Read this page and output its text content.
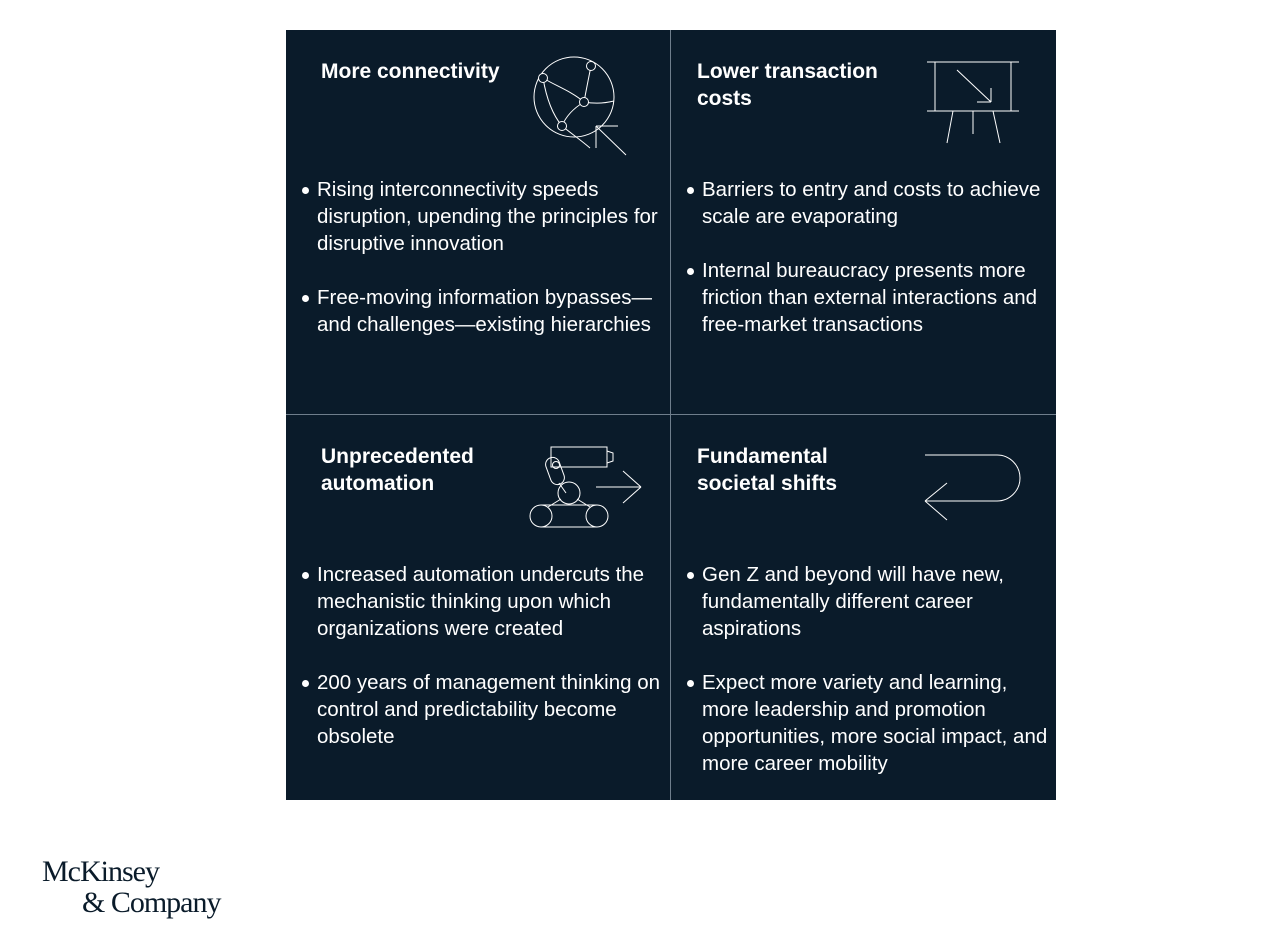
More connectivity
Rising interconnectivity speeds disruption, upending the principles for disruptive innovation
Free-moving information bypasses—and challenges—existing hierarchies
Lower transaction costs
Barriers to entry and costs to achieve scale are evaporating
Internal bureaucracy presents more friction than external interactions and free-market transactions
Unprecedented automation
Increased automation undercuts the mechanistic thinking upon which organizations were created
200 years of management thinking on control and predictability become obsolete
Fundamental societal shifts
Gen Z and beyond will have new, fundamentally different career aspirations
Expect more variety and learning, more leadership and promotion opportunities, more social impact, and more career mobility
McKinsey
& Company
